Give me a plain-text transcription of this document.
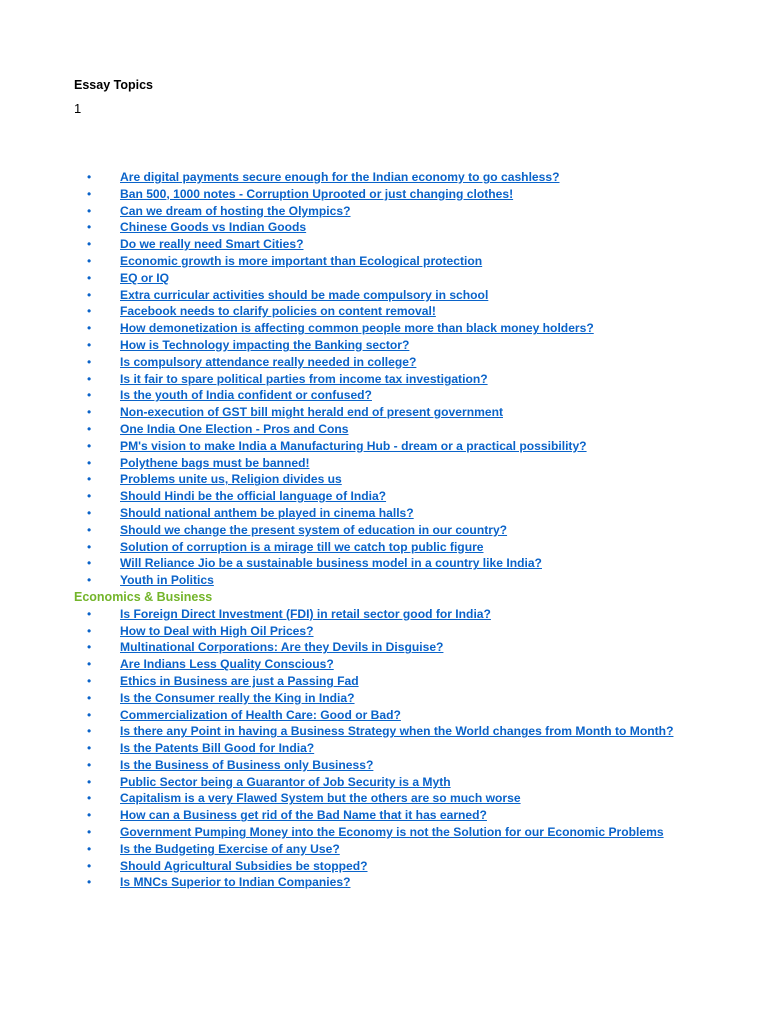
Essay Topics
1
• Are digital payments secure enough for the Indian economy to go cashless?
• Ban 500, 1000 notes - Corruption Uprooted or just changing clothes!
• Can we dream of hosting the Olympics?
• Chinese Goods vs Indian Goods
• Do we really need Smart Cities?
• Economic growth is more important than Ecological protection
• EQ or IQ
• Extra curricular activities should be made compulsory in school
• Facebook needs to clarify policies on content removal!
• How demonetization is affecting common people more than black money holders?
• How is Technology impacting the Banking sector?
• Is compulsory attendance really needed in college?
• Is it fair to spare political parties from income tax investigation?
• Is the youth of India confident or confused?
• Non-execution of GST bill might herald end of present government
• One India One Election - Pros and Cons
• PM's vision to make India a Manufacturing Hub - dream or a practical possibility?
• Polythene bags must be banned!
• Problems unite us, Religion divides us
• Should Hindi be the official language of India?
• Should national anthem be played in cinema halls?
• Should we change the present system of education in our country?
• Solution of corruption is a mirage till we catch top public figure
• Will Reliance Jio be a sustainable business model in a country like India?
• Youth in Politics
Economics & Business
• Is Foreign Direct Investment (FDI) in retail sector good for India?
• How to Deal with High Oil Prices?
• Multinational Corporations: Are they Devils in Disguise?
• Are Indians Less Quality Conscious?
• Ethics in Business are just a Passing Fad
• Is the Consumer really the King in India?
• Commercialization of Health Care: Good or Bad?
• Is there any Point in having a Business Strategy when the World changes from Month to Month?
• Is the Patents Bill Good for India?
• Is the Business of Business only Business?
• Public Sector being a Guarantor of Job Security is a Myth
• Capitalism is a very Flawed System but the others are so much worse
• How can a Business get rid of the Bad Name that it has earned?
• Government Pumping Money into the Economy is not the Solution for our Economic Problems
• Is the Budgeting Exercise of any Use?
• Should Agricultural Subsidies be stopped?
• Is MNCs Superior to Indian Companies?
